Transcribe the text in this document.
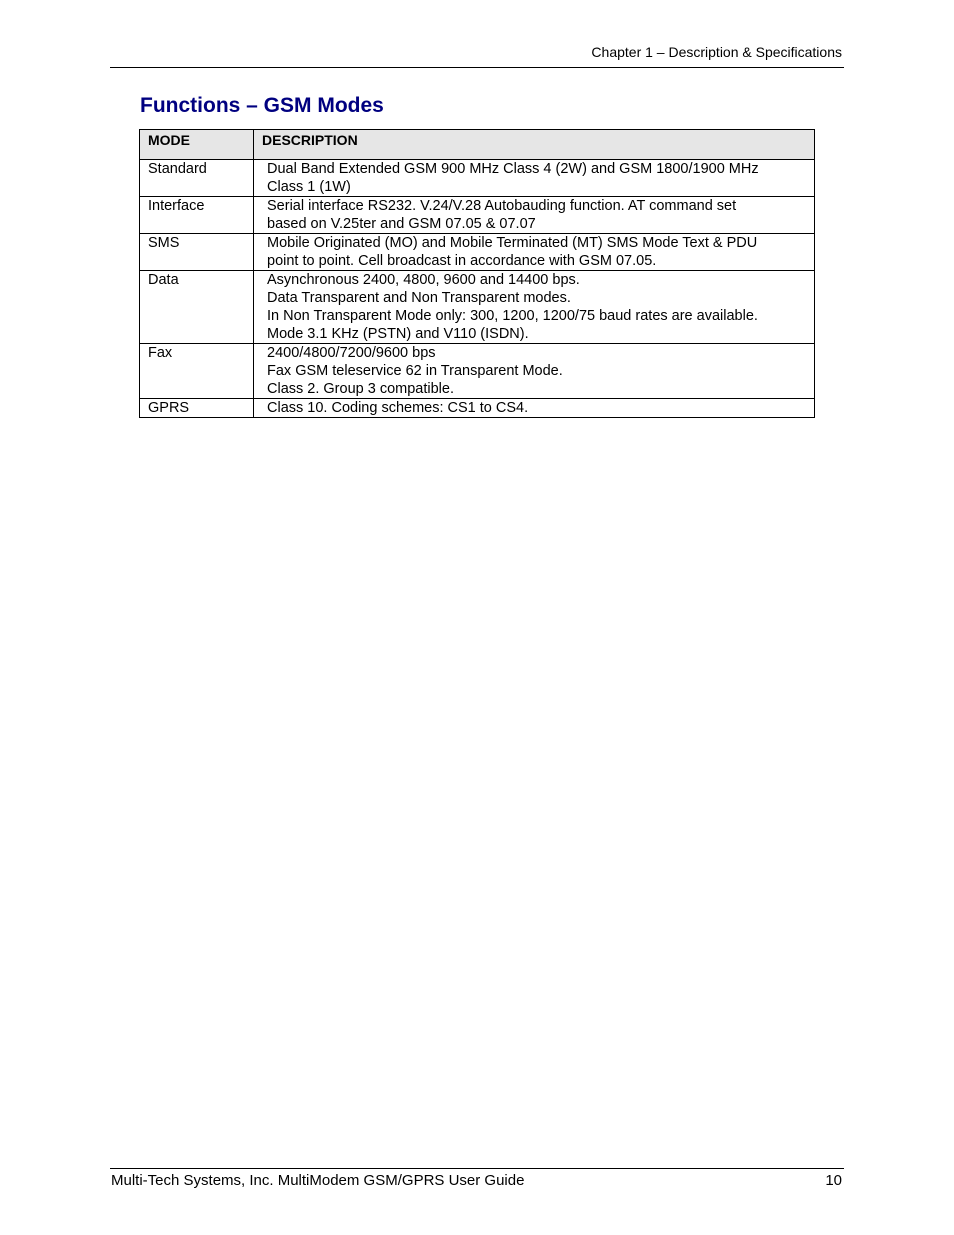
Chapter 1 – Description & Specifications
Functions – GSM Modes
MODE	DESCRIPTION
Standard	Dual Band Extended GSM 900 MHz Class 4 (2W) and GSM 1800/1900 MHz
Class 1 (1W)

Interface	Serial interface RS232. V.24/V.28 Autobauding function. AT command set
based on V.25ter and GSM 07.05 & 07.07

SMS	Mobile Originated (MO) and Mobile Terminated (MT) SMS Mode Text & PDU
point to point. Cell broadcast in accordance with GSM 07.05.

Data	Asynchronous 2400, 4800, 9600 and 14400 bps.
Data Transparent and Non Transparent modes.
In Non Transparent Mode only: 300, 1200, 1200/75 baud rates are available.
Mode 3.1 KHz (PSTN) and V110 (ISDN).

Fax	2400/4800/7200/9600 bps
Fax GSM teleservice 62 in Transparent Mode.
Class 2. Group 3 compatible.

GPRS	Class 10. Coding schemes: CS1 to CS4.
Multi-Tech Systems, Inc. MultiModem GSM/GPRS User Guide	10
